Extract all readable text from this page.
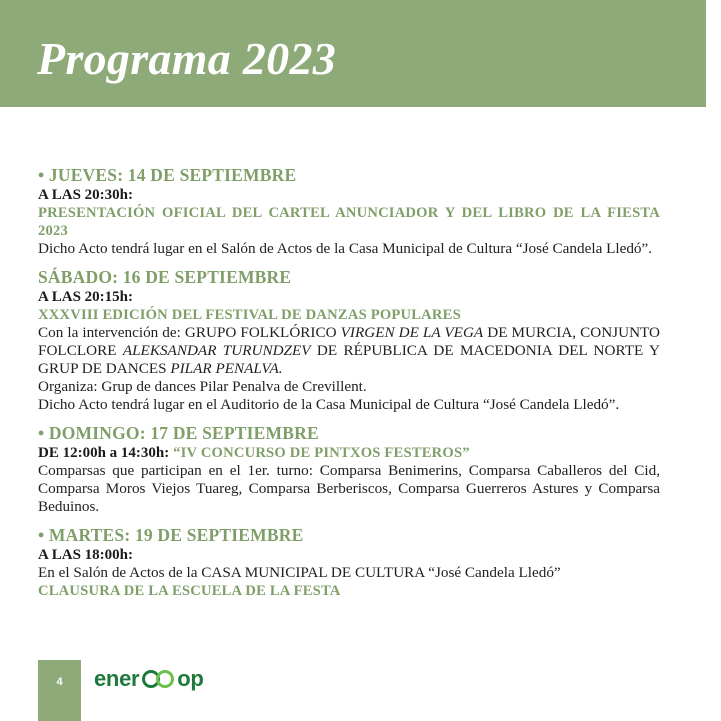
Programa 2023
• JUEVES: 14 DE SEPTIEMBRE
A LAS 20:30h:
PRESENTACIÓN OFICIAL DEL CARTEL ANUNCIADOR Y DEL LIBRO DE LA FIESTA 2023

Dicho Acto tendrá lugar en el Salón de Actos de la Casa Municipal de Cultura “José Candela Lledó”.

SÁBADO: 16 DE SEPTIEMBRE
A LAS 20:15h:
XXXVIII EDICIÓN DEL FESTIVAL DE DANZAS POPULARES

Con la intervención de: GRUPO FOLKLÓRICO VIRGEN DE LA VEGA DE MURCIA, CONJUNTO FOLCLORE ALEKSANDAR TURUNDZEV DE RÉPUBLICA DE MACEDONIA DEL NORTE Y GRUP DE DANCES PILAR PENALVA.

Organiza: Grup de dances Pilar Penalva de Crevillent.

Dicho Acto tendrá lugar en el Auditorio de la Casa Municipal de Cultura “José Candela Lledó”.

• DOMINGO: 17 DE SEPTIEMBRE
DE 12:00h a 14:30h: “IV CONCURSO DE PINTXOS FESTEROS”

Comparsas que participan en el 1er. turno: Comparsa Benimerins, Comparsa Caballeros del Cid, Comparsa Moros Viejos Tuareg, Comparsa Berberiscos, Comparsa Guerreros Astures y Comparsa Beduinos.

• MARTES: 19 DE SEPTIEMBRE
A LAS 18:00h:

En el Salón de Actos de la CASA MUNICIPAL DE CULTURA “José Candela Lledó”

CLAUSURA DE LA ESCUELA DE LA FESTA
4	ener op
